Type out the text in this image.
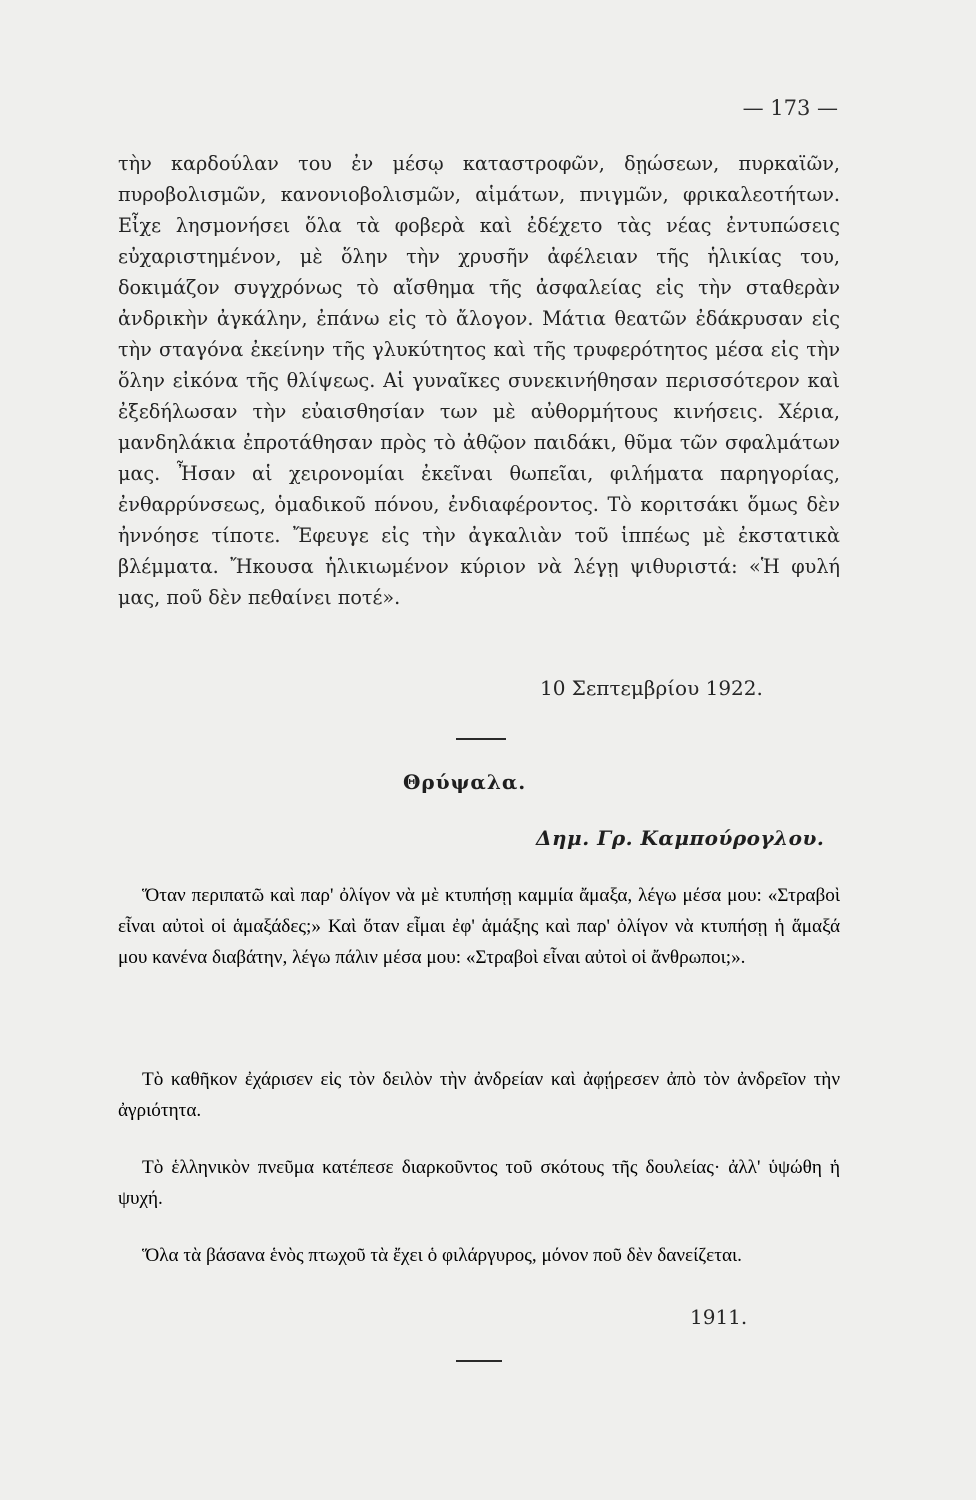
— 173 —

τὴν καρδούλαν του ἐν μέσῳ καταστροφῶν, δῃώσεων, πυρκαϊῶν, πυροβολισμῶν, κανονιοβολισμῶν, αἱμάτων, πνιγμῶν, φρικαλεοτήτων. Εἶχε λησμονήσει ὅλα τὰ φοβερὰ καὶ ἐδέχετο τὰς νέας ἐντυπώσεις εὐχαριστημένον, μὲ ὅλην τὴν χρυσῆν ἀφέλειαν τῆς ἡλικίας του, δοκιμάζον συγχρόνως τὸ αἴσθημα τῆς ἀσφαλείας εἰς τὴν σταθερὰν ἀνδρικὴν ἀγκάλην, ἐπάνω εἰς τὸ ἄλογον. Μάτια θεατῶν ἐδάκρυσαν εἰς τὴν σταγόνα ἐκείνην τῆς γλυκύτητος καὶ τῆς τρυφερότητος μέσα εἰς τὴν ὅλην εἰκόνα τῆς θλίψεως. Αἱ γυναῖκες συνεκινήθησαν περισσότερον καὶ ἐξεδήλωσαν τὴν εὐαισθησίαν των μὲ αὐθορμήτους κινήσεις. Χέρια, μανδηλάκια ἐπροτάθησαν πρὸς τὸ ἀθῷον παιδάκι, θῦμα τῶν σφαλμάτων μας. Ἦσαν αἱ χειρονομίαι ἐκεῖναι θωπεῖαι, φιλήματα παρηγορίας, ἐνθαρρύνσεως, ὁμαδικοῦ πόνου, ἐνδιαφέροντος. Τὸ κοριτσάκι ὅμως δὲν ἠννόησε τίποτε. Ἔφευγε εἰς τὴν ἀγκαλιὰν τοῦ ἱππέως μὲ ἐκστατικὰ βλέμματα. Ἤκουσα ἡλικιωμένον κύριον νὰ λέγῃ ψιθυριστά: «Ἡ φυλή μας, ποῦ δὲν πεθαίνει ποτέ».

10 Σεπτεμβρίου 1922.
Θρύψαλα.
Δημ. Γρ. Καμπούρογλου.

Ὅταν περιπατῶ καὶ παρ' ὀλίγον νὰ μὲ κτυπήσῃ καμμία ἄμαξα, λέγω μέσα μου: «Στραβοὶ εἶναι αὐτοὶ οἱ ἁμαξάδες;» Καὶ ὅταν εἶμαι ἐφ' ἁμάξης καὶ παρ' ὀλίγον νὰ κτυπήσῃ ἡ ἅμαξά μου κανένα διαβάτην, λέγω πάλιν μέσα μου: «Στραβοὶ εἶναι αὐτοὶ οἱ ἄνθρωποι;».

Τὸ καθῆκον ἐχάρισεν εἰς τὸν δειλὸν τὴν ἀνδρείαν καὶ ἀφῄρεσεν ἀπὸ τὸν ἀνδρεῖον τὴν ἀγριότητα.

Τὸ ἑλληνικὸν πνεῦμα κατέπεσε διαρκοῦντος τοῦ σκότους τῆς δουλείας· ἀλλ' ὑψώθη ἡ ψυχή.

Ὅλα τὰ βάσανα ἑνὸς πτωχοῦ τὰ ἔχει ὁ φιλάργυρος, μόνον ποῦ δὲν δανείζεται.

1911.
